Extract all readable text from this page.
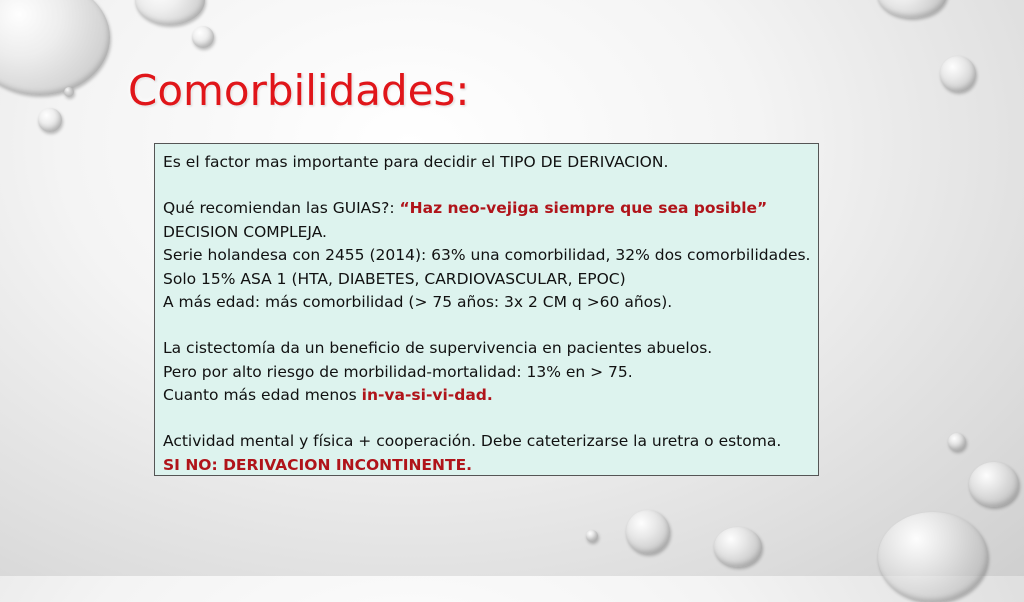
Comorbilidades:
Es el factor mas importante para decidir el TIPO DE DERIVACION.
Qué recomiendan las GUIAS?: “Haz neo-vejiga siempre que sea posible”
DECISION COMPLEJA.
Serie holandesa con 2455 (2014): 63% una comorbilidad, 32% dos comorbilidades.
Solo 15% ASA 1 (HTA, DIABETES, CARDIOVASCULAR, EPOC)
A más edad: más comorbilidad (> 75 años: 3x 2 CM q >60 años).
La cistectomía da un beneficio de supervivencia en pacientes abuelos.
Pero por alto riesgo de morbilidad-mortalidad: 13% en > 75.
Cuanto más edad menos in-va-si-vi-dad.
Actividad mental y física + cooperación. Debe cateterizarse la uretra o estoma.
SI NO: DERIVACION INCONTINENTE.
